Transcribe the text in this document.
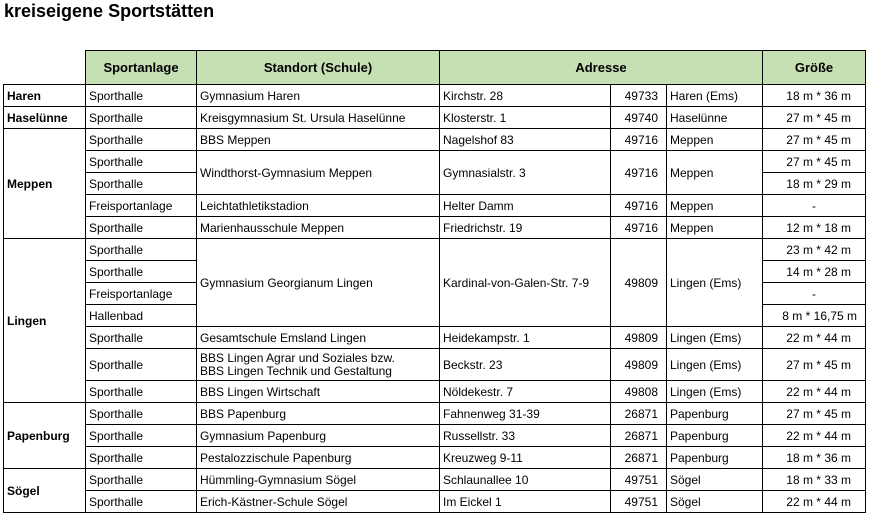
kreiseigene Sportstätten
	Sportanlage	Standort (Schule)	Adresse			Größe
Haren	Sporthalle	Gymnasium Haren	Kirchstr. 28	49733	Haren (Ems)	18 m * 36 m
Haselünne	Sporthalle	Kreisgymnasium St. Ursula Haselünne	Klosterstr. 1	49740	Haselünne	27 m * 45 m
Meppen	Sporthalle	BBS Meppen	Nagelshof 83	49716	Meppen	27 m * 45 m
	Sporthalle	Windthorst-Gymnasium Meppen	Gymnasialstr. 3	49716	Meppen	27 m * 45 m
	Sporthalle					18 m * 29 m
	Freisportanlage	Leichtathletikstadion	Helter Damm	49716	Meppen	-
	Sporthalle	Marienhausschule Meppen	Friedrichstr. 19	49716	Meppen	12 m * 18 m
Lingen	Sporthalle	Gymnasium Georgianum Lingen	Kardinal-von-Galen-Str. 7-9	49809	Lingen (Ems)	23 m * 42 m
	Sporthalle					14 m * 28 m
	Freisportanlage					-
	Hallenbad					8 m * 16,75 m
	Sporthalle	Gesamtschule Emsland Lingen	Heidekampstr. 1	49809	Lingen (Ems)	22 m * 44 m
	Sporthalle	BBS Lingen Agrar und Soziales bzw.
BBS Lingen Technik und Gestaltung	Beckstr. 23	49809	Lingen (Ems)	27 m * 45 m
	Sporthalle	BBS Lingen Wirtschaft	Nöldekestr. 7	49808	Lingen (Ems)	22 m * 44 m
Papenburg	Sporthalle	BBS Papenburg	Fahnenweg 31-39	26871	Papenburg	27 m * 45 m
	Sporthalle	Gymnasium Papenburg	Russellstr. 33	26871	Papenburg	22 m * 44 m
	Sporthalle	Pestalozzischule Papenburg	Kreuzweg 9-11	26871	Papenburg	18 m * 36 m
Sögel	Sporthalle	Hümmling-Gymnasium Sögel	Schlaunallee 10	49751	Sögel	18 m * 33 m
	Sporthalle	Erich-Kästner-Schule Sögel	Im Eickel 1	49751	Sögel	22 m * 44 m
